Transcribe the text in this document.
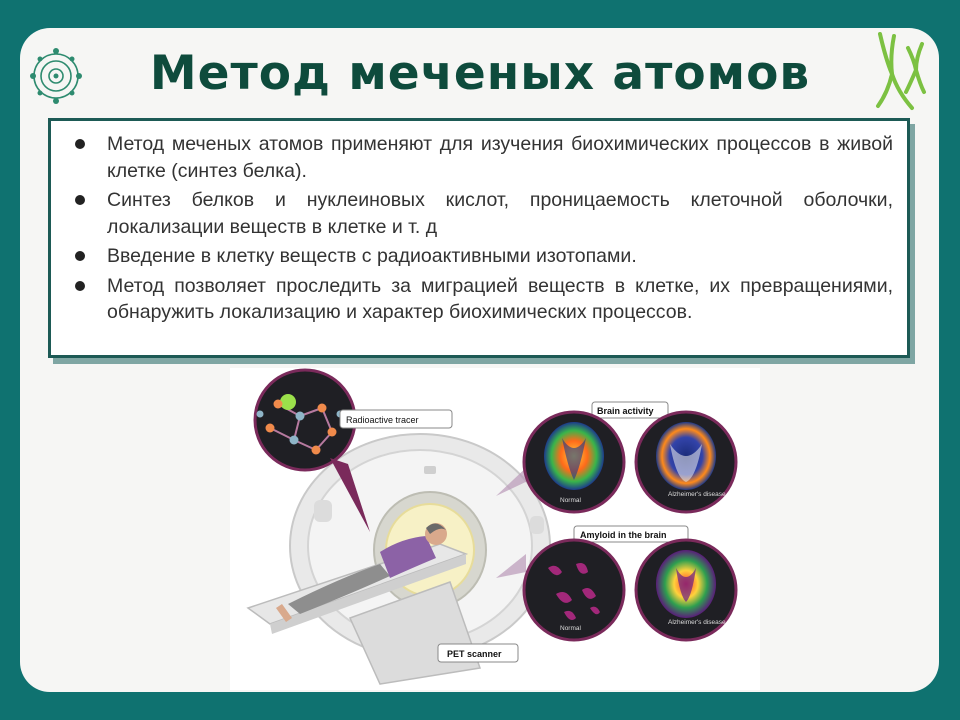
Метод меченых атомов
Метод меченых атомов применяют для изучения биохимических процессов в живой клетке (синтез белка).
Синтез белков и нуклеиновых кислот, проницаемость клеточной оболочки, локализации веществ в клетке и т. д
Введение в клетку веществ с радиоактивными изотопами.
Метод позволяет проследить за миграцией веществ в клетке, их превращениями, обнаружить локализацию и характер биохимических процессов.
Radioactive tracer
Brain activity
Normal
Alzheimer's disease
Amyloid in the brain
Normal
Alzheimer's disease
PET scanner
